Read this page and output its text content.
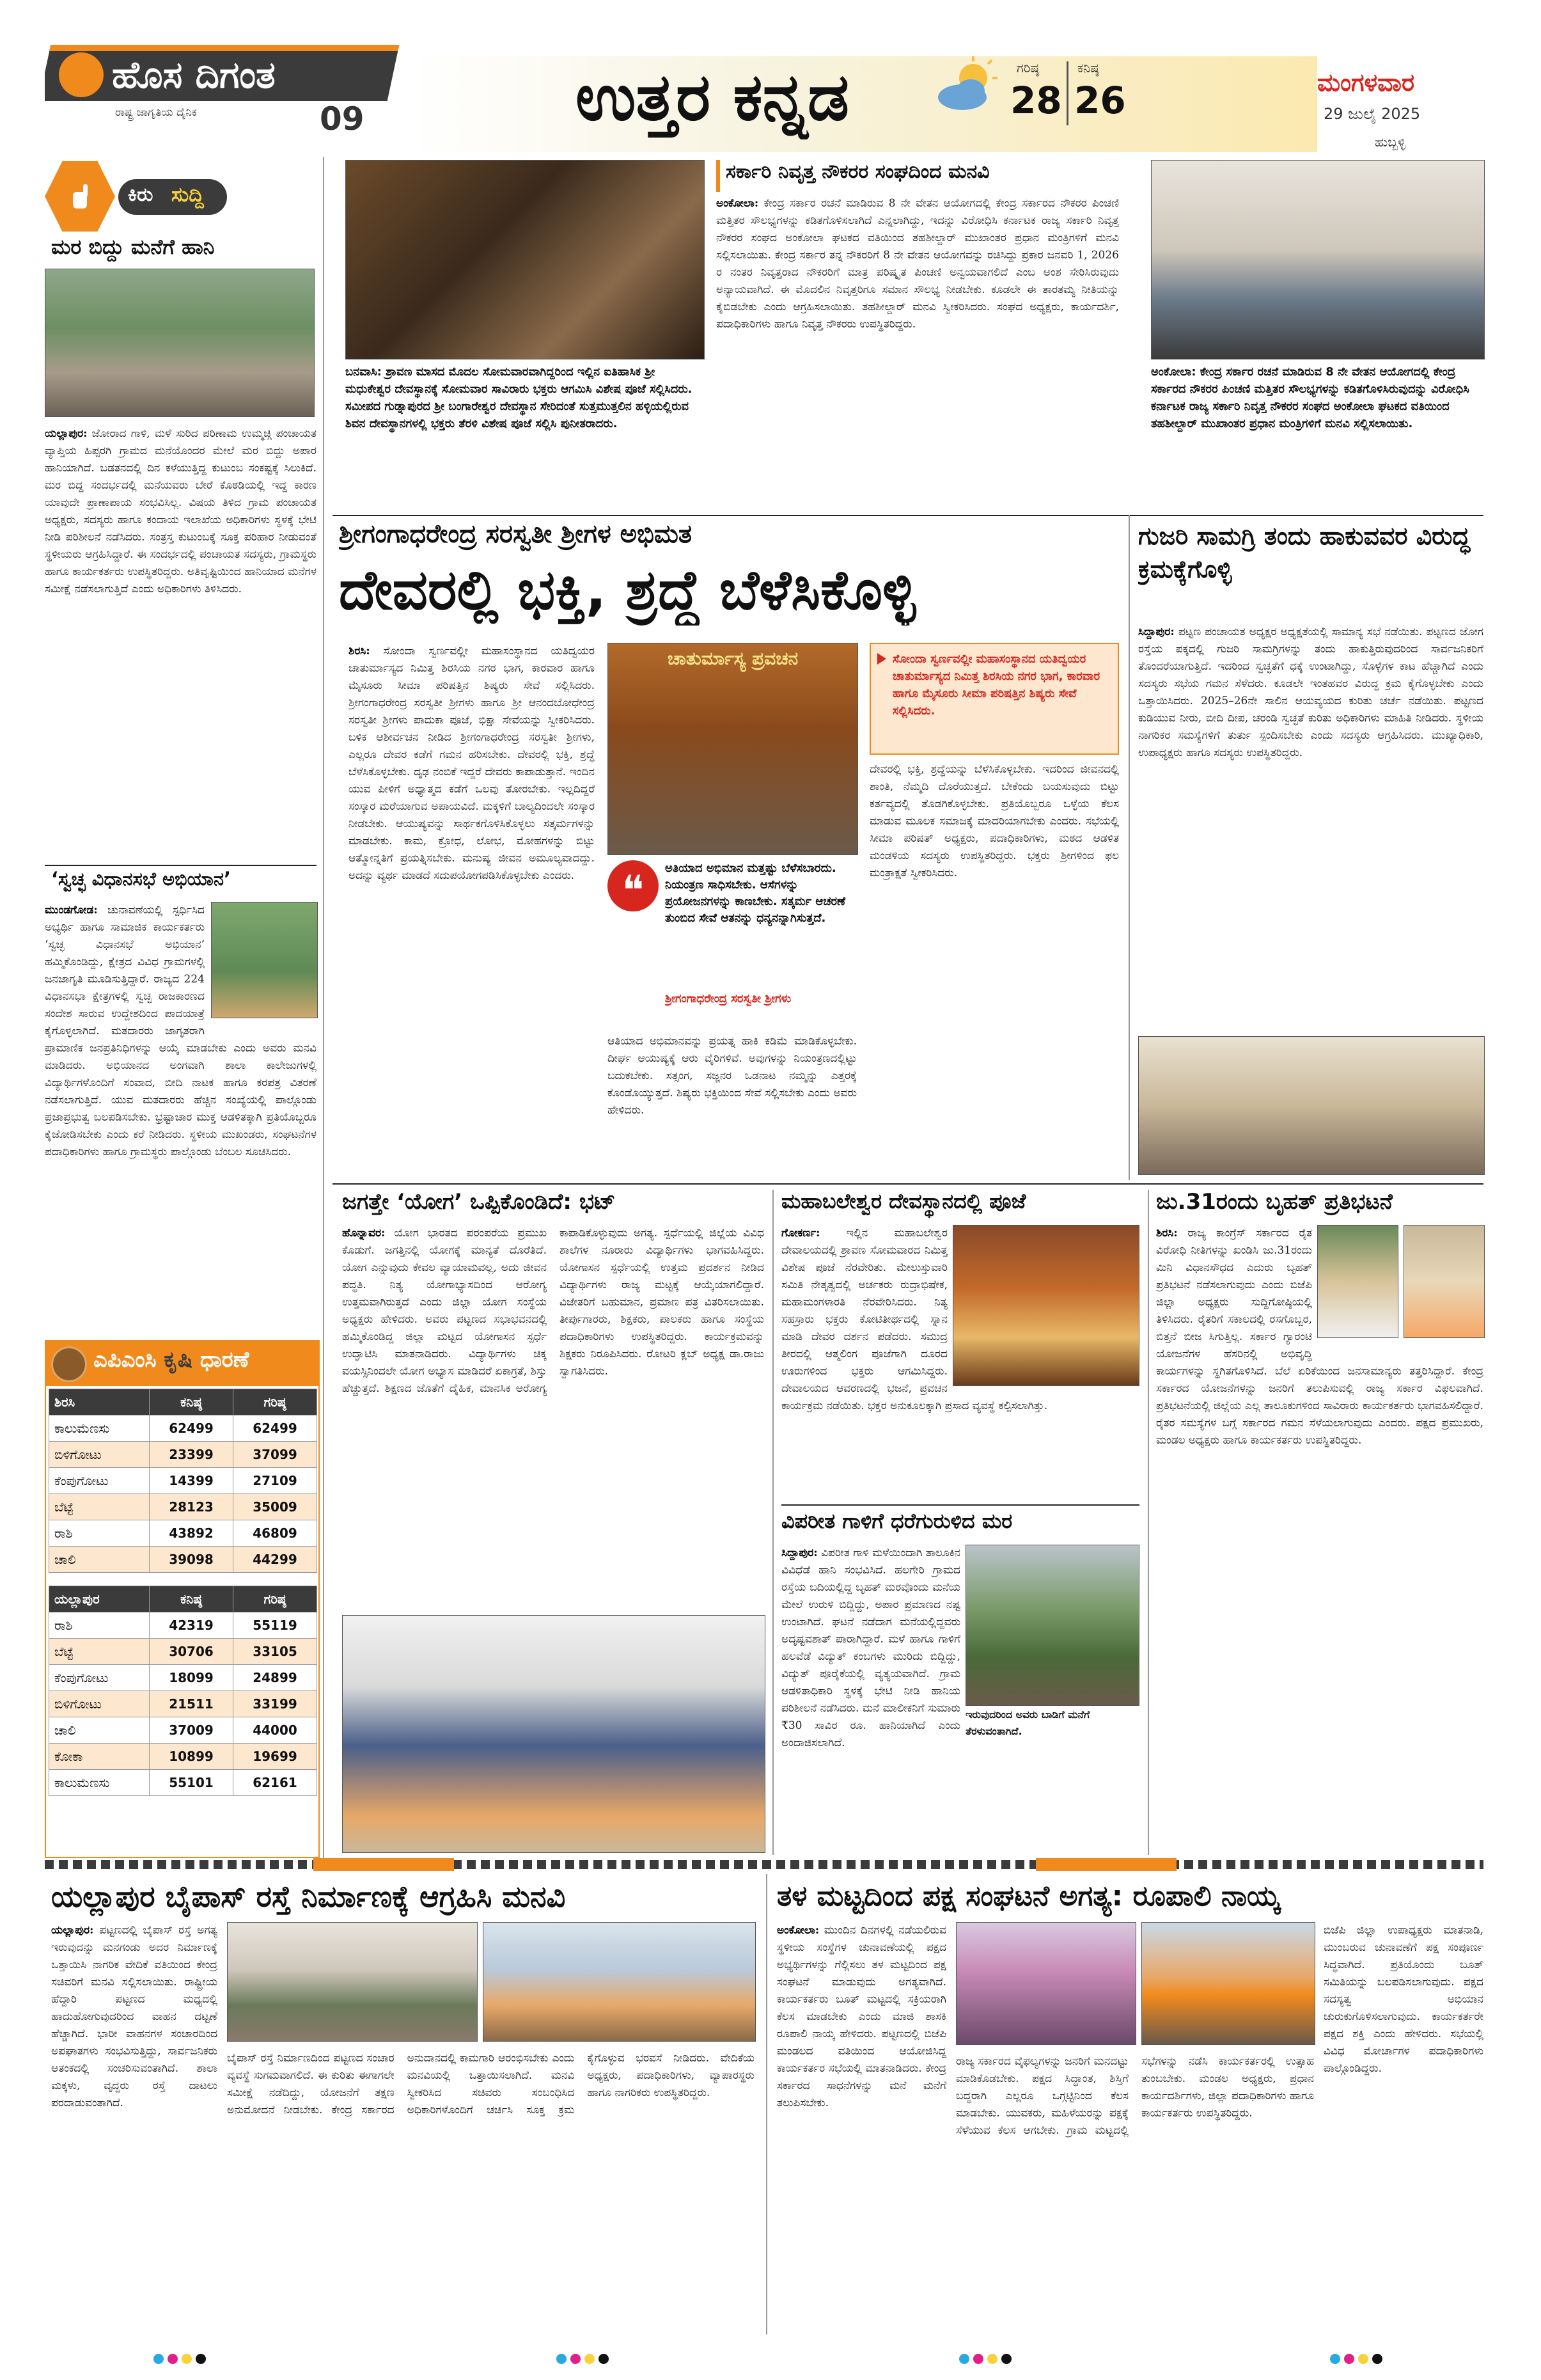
ಹೊಸ ದಿಗಂತ
ರಾಷ್ಟ್ರ ಜಾಗೃತಿಯ ದೈನಿಕ	09	ಉತ್ತರ ಕನ್ನಡ	ಗರಿಷ್ಠ
28
ಕನಿಷ್ಠ
26	ಮಂಗಳವಾರ
29 ಜುಲೈ 2025
ಹುಬ್ಬಳ್ಳಿ
ಕಿರು ಸುದ್ದಿ
ಮರ ಬಿದ್ದು ಮನೆಗೆ ಹಾನಿ
ಯಲ್ಲಾಪುರ: ಜೋರಾದ ಗಾಳಿ, ಮಳೆ ಸುರಿದ ಪರಿಣಾಮ ಉಮ್ಮಚ್ಗಿ ಪಂಚಾಯತ ವ್ಯಾಪ್ತಿಯ ಹಿಪ್ಪರಗಿ ಗ್ರಾಮದ ಮನೆಯೊಂದರ ಮೇಲೆ ಮರ ಬಿದ್ದು ಅಪಾರ ಹಾನಿಯಾಗಿದೆ. ಬಡತನದಲ್ಲಿ ದಿನ ಕಳೆಯುತ್ತಿದ್ದ ಕುಟುಂಬ ಸಂಕಷ್ಟಕ್ಕೆ ಸಿಲುಕಿದೆ. ಮರ ಬಿದ್ದ ಸಂದರ್ಭದಲ್ಲಿ ಮನೆಯವರು ಬೇರೆ ಕೊಠಡಿಯಲ್ಲಿ ಇದ್ದ ಕಾರಣ ಯಾವುದೇ ಪ್ರಾಣಾಪಾಯ ಸಂಭವಿಸಿಲ್ಲ. ವಿಷಯ ತಿಳಿದ ಗ್ರಾಮ ಪಂಚಾಯತ ಅಧ್ಯಕ್ಷರು, ಸದಸ್ಯರು ಹಾಗೂ ಕಂದಾಯ ಇಲಾಖೆಯ ಅಧಿಕಾರಿಗಳು ಸ್ಥಳಕ್ಕೆ ಭೇಟಿ ನೀಡಿ ಪರಿಶೀಲನೆ ನಡೆಸಿದರು. ಸಂತ್ರಸ್ತ ಕುಟುಂಬಕ್ಕೆ ಸೂಕ್ತ ಪರಿಹಾರ ನೀಡುವಂತೆ ಸ್ಥಳೀಯರು ಆಗ್ರಹಿಸಿದ್ದಾರೆ. ಈ ಸಂದರ್ಭದಲ್ಲಿ ಪಂಚಾಯತ ಸದಸ್ಯರು, ಗ್ರಾಮಸ್ಥರು ಹಾಗೂ ಕಾರ್ಯಕರ್ತರು ಉಪಸ್ಥಿತರಿದ್ದರು. ಅತಿವೃಷ್ಟಿಯಿಂದ ಹಾನಿಯಾದ ಮನೆಗಳ ಸಮೀಕ್ಷೆ ನಡೆಸಲಾಗುತ್ತಿದೆ ಎಂದು ಅಧಿಕಾರಿಗಳು ತಿಳಿಸಿದರು.
‘ಸ್ವಚ್ಛ ವಿಧಾನಸಭೆ ಅಭಿಯಾನ’
ಮುಂಡಗೋಡ: ಚುನಾವಣೆಯಲ್ಲಿ ಸ್ಪರ್ಧಿಸಿದ ಅಭ್ಯರ್ಥಿ ಹಾಗೂ ಸಾಮಾಜಿಕ ಕಾರ್ಯಕರ್ತರು ‘ಸ್ವಚ್ಛ ವಿಧಾನಸಭೆ ಅಭಿಯಾನ’ ಹಮ್ಮಿಕೊಂಡಿದ್ದು, ಕ್ಷೇತ್ರದ ವಿವಿಧ ಗ್ರಾಮಗಳಲ್ಲಿ ಜನಜಾಗೃತಿ ಮೂಡಿಸುತ್ತಿದ್ದಾರೆ. ರಾಜ್ಯದ 224 ವಿಧಾನಸಭಾ ಕ್ಷೇತ್ರಗಳಲ್ಲಿ ಸ್ವಚ್ಛ ರಾಜಕಾರಣದ ಸಂದೇಶ ಸಾರುವ ಉದ್ದೇಶದಿಂದ ಪಾದಯಾತ್ರೆ ಕೈಗೊಳ್ಳಲಾಗಿದೆ. ಮತದಾರರು ಜಾಗೃತರಾಗಿ ಪ್ರಾಮಾಣಿಕ ಜನಪ್ರತಿನಿಧಿಗಳನ್ನು ಆಯ್ಕೆ ಮಾಡಬೇಕು ಎಂದು ಅವರು ಮನವಿ ಮಾಡಿದರು. ಅಭಿಯಾನದ ಅಂಗವಾಗಿ ಶಾಲಾ ಕಾಲೇಜುಗಳಲ್ಲಿ ವಿದ್ಯಾರ್ಥಿಗಳೊಂದಿಗೆ ಸಂವಾದ, ಬೀದಿ ನಾಟಕ ಹಾಗೂ ಕರಪತ್ರ ವಿತರಣೆ ನಡೆಸಲಾಗುತ್ತಿದೆ. ಯುವ ಮತದಾರರು ಹೆಚ್ಚಿನ ಸಂಖ್ಯೆಯಲ್ಲಿ ಪಾಲ್ಗೊಂಡು ಪ್ರಜಾಪ್ರಭುತ್ವ ಬಲಪಡಿಸಬೇಕು. ಭ್ರಷ್ಟಾಚಾರ ಮುಕ್ತ ಆಡಳಿತಕ್ಕಾಗಿ ಪ್ರತಿಯೊಬ್ಬರೂ ಕೈಜೋಡಿಸಬೇಕು ಎಂದು ಕರೆ ನೀಡಿದರು. ಸ್ಥಳೀಯ ಮುಖಂಡರು, ಸಂಘಟನೆಗಳ ಪದಾಧಿಕಾರಿಗಳು ಹಾಗೂ ಗ್ರಾಮಸ್ಥರು ಪಾಲ್ಗೊಂಡು ಬೆಂಬಲ ಸೂಚಿಸಿದರು.
ಎಪಿಎಂಸಿ ಕೃಷಿ ಧಾರಣೆ
ಶಿರಸಿ	ಕನಿಷ್ಠ	ಗರಿಷ್ಠ
ಕಾಲುಮೆಣಸು	62499	62499
ಬಿಳಿಗೋಟು	23399	37099
ಕೆಂಪುಗೋಟು	14399	27109
ಬೆಟ್ಟೆ	28123	35009
ರಾಶಿ	43892	46809
ಚಾಲಿ	39098	44299
ಯಲ್ಲಾಪುರ	ಕನಿಷ್ಠ	ಗರಿಷ್ಠ
ರಾಶಿ	42319	55119
ಬೆಟ್ಟೆ	30706	33105
ಕೆಂಪುಗೋಟು	18099	24899
ಬಿಳಿಗೋಟು	21511	33199
ಚಾಲಿ	37009	44000
ಕೋಕಾ	10899	19699
ಕಾಲುಮೆಣಸು	55101	62161
ಬನವಾಸಿ: ಶ್ರಾವಣ ಮಾಸದ ಮೊದಲ ಸೋಮವಾರವಾಗಿದ್ದರಿಂದ ಇಲ್ಲಿನ ಐತಿಹಾಸಿಕ ಶ್ರೀ ಮಧುಕೇಶ್ವರ ದೇವಸ್ಥಾನಕ್ಕೆ ಸೋಮವಾರ ಸಾವಿರಾರು ಭಕ್ತರು ಆಗಮಿಸಿ ವಿಶೇಷ ಪೂಜೆ ಸಲ್ಲಿಸಿದರು. ಸಮೀಪದ ಗುಡ್ನಾಪುರದ ಶ್ರೀ ಬಂಗಾರೇಶ್ವರ ದೇವಸ್ಥಾನ ಸೇರಿದಂತೆ ಸುತ್ತಮುತ್ತಲಿನ ಹಳ್ಳಿಯಲ್ಲಿರುವ ಶಿವನ ದೇವಸ್ಥಾನಗಳಲ್ಲಿ ಭಕ್ತರು ತೆರಳಿ ವಿಶೇಷ ಪೂಜೆ ಸಲ್ಲಿಸಿ ಪುನೀತರಾದರು.
ಸರ್ಕಾರಿ ನಿವೃತ್ತ ನೌಕರರ ಸಂಘದಿಂದ ಮನವಿ
ಅಂಕೋಲಾ: ಕೇಂದ್ರ ಸರ್ಕಾರ ರಚನೆ ಮಾಡಿರುವ 8 ನೇ ವೇತನ ಆಯೋಗದಲ್ಲಿ ಕೇಂದ್ರ ಸರ್ಕಾರದ ನೌಕರರ ಪಿಂಚಣಿ ಮತ್ತಿತರ ಸೌಲಭ್ಯಗಳನ್ನು ಕಡಿತಗೊಳಿಸಲಾಗಿದೆ ಎನ್ನಲಾಗಿದ್ದು, ಇದನ್ನು ವಿರೋಧಿಸಿ ಕರ್ನಾಟಕ ರಾಜ್ಯ ಸರ್ಕಾರಿ ನಿವೃತ್ತ ನೌಕರರ ಸಂಘದ ಅಂಕೋಲಾ ಘಟಕದ ವತಿಯಿಂದ ತಹಶೀಲ್ದಾರ್ ಮುಖಾಂತರ ಪ್ರಧಾನ ಮಂತ್ರಿಗಳಿಗೆ ಮನವಿ ಸಲ್ಲಿಸಲಾಯಿತು. ಕೇಂದ್ರ ಸರ್ಕಾರ ತನ್ನ ನೌಕರರಿಗೆ 8 ನೇ ವೇತನ ಆಯೋಗವನ್ನು ರಚಿಸಿದ್ದು ಪ್ರಕಾರ ಜನವರಿ 1, 2026 ರ ನಂತರ ನಿವೃತ್ತರಾದ ನೌಕರರಿಗೆ ಮಾತ್ರ ಪರಿಷ್ಕೃತ ಪಿಂಚಣಿ ಅನ್ವಯವಾಗಲಿದೆ ಎಂಬ ಅಂಶ ಸೇರಿಸಿರುವುದು ಅನ್ಯಾಯವಾಗಿದೆ. ಈ ಮೊದಲಿನ ನಿವೃತ್ತರಿಗೂ ಸಮಾನ ಸೌಲಭ್ಯ ನೀಡಬೇಕು. ಕೂಡಲೇ ಈ ತಾರತಮ್ಯ ನೀತಿಯನ್ನು ಕೈಬಿಡಬೇಕು ಎಂದು ಆಗ್ರಹಿಸಲಾಯಿತು. ತಹಶೀಲ್ದಾರ್ ಮನವಿ ಸ್ವೀಕರಿಸಿದರು. ಸಂಘದ ಅಧ್ಯಕ್ಷರು, ಕಾರ್ಯದರ್ಶಿ, ಪದಾಧಿಕಾರಿಗಳು ಹಾಗೂ ನಿವೃತ್ತ ನೌಕರರು ಉಪಸ್ಥಿತರಿದ್ದರು.
ಅಂಕೋಲಾ: ಕೇಂದ್ರ ಸರ್ಕಾರ ರಚನೆ ಮಾಡಿರುವ 8 ನೇ ವೇತನ ಆಯೋಗದಲ್ಲಿ ಕೇಂದ್ರ ಸರ್ಕಾರದ ನೌಕರರ ಪಿಂಚಣಿ ಮತ್ತಿತರ ಸೌಲಭ್ಯಗಳನ್ನು ಕಡಿತಗೊಳಿಸಿರುವುದನ್ನು ವಿರೋಧಿಸಿ ಕರ್ನಾಟಕ ರಾಜ್ಯ ಸರ್ಕಾರಿ ನಿವೃತ್ತ ನೌಕರರ ಸಂಘದ ಅಂಕೋಲಾ ಘಟಕದ ವತಿಯಿಂದ ತಹಶೀಲ್ದಾರ್ ಮುಖಾಂತರ ಪ್ರಧಾನ ಮಂತ್ರಿಗಳಿಗೆ ಮನವಿ ಸಲ್ಲಿಸಲಾಯಿತು.
ಶ್ರೀಗಂಗಾಧರೇಂದ್ರ ಸರಸ್ವತೀ ಶ್ರೀಗಳ ಅಭಿಮತ
ದೇವರಲ್ಲಿ ಭಕ್ತಿ, ಶ್ರದ್ಧೆ ಬೆಳೆಸಿಕೊಳ್ಳಿ
ಶಿರಸಿ: ಸೋಂದಾ ಸ್ವರ್ಣವಲ್ಲೀ ಮಹಾಸಂಸ್ಥಾನದ ಯತಿದ್ವಯರ ಚಾತುರ್ಮಾಸ್ಯದ ನಿಮಿತ್ತ ಶಿರಸಿಯ ನಗರ ಭಾಗ, ಕಾರವಾರ ಹಾಗೂ ಮೈಸೂರು ಸೀಮಾ ಪರಿಷತ್ತಿನ ಶಿಷ್ಯರು ಸೇವೆ ಸಲ್ಲಿಸಿದರು. ಶ್ರೀಗಂಗಾಧರೇಂದ್ರ ಸರಸ್ವತೀ ಶ್ರೀಗಳು ಹಾಗೂ ಶ್ರೀ ಆನಂದಬೋಧೇಂದ್ರ ಸರಸ್ವತೀ ಶ್ರೀಗಳು ಪಾದುಕಾ ಪೂಜೆ, ಭಿಕ್ಷಾ ಸೇವೆಯನ್ನು ಸ್ವೀಕರಿಸಿದರು. ಬಳಿಕ ಆಶೀರ್ವಚನ ನೀಡಿದ ಶ್ರೀಗಂಗಾಧರೇಂದ್ರ ಸರಸ್ವತೀ ಶ್ರೀಗಳು, ಎಲ್ಲರೂ ದೇವರ ಕಡೆಗೆ ಗಮನ ಹರಿಸಬೇಕು. ದೇವರಲ್ಲಿ ಭಕ್ತಿ, ಶ್ರದ್ಧೆ ಬೆಳೆಸಿಕೊಳ್ಳಬೇಕು. ದೃಢ ನಂಬಿಕೆ ಇದ್ದರೆ ದೇವರು ಕಾಪಾಡುತ್ತಾನೆ. ಇಂದಿನ ಯುವ ಪೀಳಿಗೆ ಅಧ್ಯಾತ್ಮದ ಕಡೆಗೆ ಒಲವು ತೋರಬೇಕು. ಇಲ್ಲದಿದ್ದರೆ ಸಂಸ್ಕಾರ ಮರೆಯಾಗುವ ಅಪಾಯವಿದೆ. ಮಕ್ಕಳಿಗೆ ಬಾಲ್ಯದಿಂದಲೇ ಸಂಸ್ಕಾರ ನೀಡಬೇಕು. ಆಯುಷ್ಯವನ್ನು ಸಾರ್ಥಕಗೊಳಿಸಿಕೊಳ್ಳಲು ಸತ್ಕರ್ಮಗಳನ್ನು ಮಾಡಬೇಕು. ಕಾಮ, ಕ್ರೋಧ, ಲೋಭ, ಮೋಹಗಳನ್ನು ಬಿಟ್ಟು ಆತ್ಮೋನ್ನತಿಗೆ ಪ್ರಯತ್ನಿಸಬೇಕು. ಮನುಷ್ಯ ಜೀವನ ಅಮೂಲ್ಯವಾದದ್ದು. ಅದನ್ನು ವ್ಯರ್ಥ ಮಾಡದೆ ಸದುಪಯೋಗಪಡಿಸಿಕೊಳ್ಳಬೇಕು ಎಂದರು.
ಚಾತುರ್ಮಾಸ್ಯ ಪ್ರವಚನ	ಸೋಂದಾ ಸ್ವರ್ಣವಲ್ಲೀ ಮಹಾಸಂಸ್ಥಾನದ ಯತಿದ್ವಯರ ಚಾತುರ್ಮಾಸ್ಯದ ನಿಮಿತ್ತ ಶಿರಸಿಯ ನಗರ ಭಾಗ, ಕಾರವಾರ ಹಾಗೂ ಮೈಸೂರು ಸೀಮಾ ಪರಿಷತ್ತಿನ ಶಿಷ್ಯರು ಸೇವೆ ಸಲ್ಲಿಸಿದರು.
❝	ಅತಿಯಾದ ಅಭಿಮಾನ ಮತ್ತಷ್ಟು ಬೆಳೆಸಬಾರದು. ನಿಯಂತ್ರಣ ಸಾಧಿಸಬೇಕು. ಆಸೆಗಳನ್ನು ಪ್ರಯೋಜನಗಳನ್ನು ಕಾಣಬೇಕು. ಸತ್ಕರ್ಮ ಆಚರಣೆ ತುಂಬಿದ ಸೇವೆ ಆತನನ್ನು ಧನ್ಯನನ್ನಾಗಿಸುತ್ತದೆ.
ಶ್ರೀಗಂಗಾಧರೇಂದ್ರ ಸರಸ್ವತೀ ಶ್ರೀಗಳು
ಆತಿಯಾದ ಅಭಿಮಾನವನ್ನು ಪ್ರಯತ್ನ ಹಾಕಿ ಕಡಿಮೆ ಮಾಡಿಕೊಳ್ಳಬೇಕು. ದೀರ್ಘ ಆಯುಷ್ಯಕ್ಕೆ ಆರು ವೈರಿಗಳಿವೆ. ಅವುಗಳನ್ನು ನಿಯಂತ್ರಣದಲ್ಲಿಟ್ಟು ಬದುಕಬೇಕು. ಸತ್ಸಂಗ, ಸಜ್ಜನರ ಒಡನಾಟ ನಮ್ಮನ್ನು ಎತ್ತರಕ್ಕೆ ಕೊಂಡೊಯ್ಯುತ್ತದೆ. ಶಿಷ್ಯರು ಭಕ್ತಿಯಿಂದ ಸೇವೆ ಸಲ್ಲಿಸಬೇಕು ಎಂದು ಅವರು ಹೇಳಿದರು.
ದೇವರಲ್ಲಿ ಭಕ್ತಿ, ಶ್ರದ್ಧೆಯನ್ನು ಬೆಳೆಸಿಕೊಳ್ಳಬೇಕು. ಇದರಿಂದ ಜೀವನದಲ್ಲಿ ಶಾಂತಿ, ನೆಮ್ಮದಿ ದೊರೆಯುತ್ತದೆ. ಬೇಕೆಂದು ಬಯಸುವುದು ಬಿಟ್ಟು ಕರ್ತವ್ಯದಲ್ಲಿ ತೊಡಗಿಕೊಳ್ಳಬೇಕು. ಪ್ರತಿಯೊಬ್ಬರೂ ಒಳ್ಳೆಯ ಕೆಲಸ ಮಾಡುವ ಮೂಲಕ ಸಮಾಜಕ್ಕೆ ಮಾದರಿಯಾಗಬೇಕು ಎಂದರು. ಸಭೆಯಲ್ಲಿ ಸೀಮಾ ಪರಿಷತ್ ಅಧ್ಯಕ್ಷರು, ಪದಾಧಿಕಾರಿಗಳು, ಮಠದ ಆಡಳಿತ ಮಂಡಳಿಯ ಸದಸ್ಯರು ಉಪಸ್ಥಿತರಿದ್ದರು. ಭಕ್ತರು ಶ್ರೀಗಳಿಂದ ಫಲ ಮಂತ್ರಾಕ್ಷತೆ ಸ್ವೀಕರಿಸಿದರು.
ಗುಜರಿ ಸಾಮಗ್ರಿ ತಂದು ಹಾಕುವವರ ವಿರುದ್ಧ ಕ್ರಮಕ್ಕೆಗೊಳ್ಳಿ
ಸಿದ್ದಾಪುರ: ಪಟ್ಟಣ ಪಂಚಾಯತ ಅಧ್ಯಕ್ಷರ ಅಧ್ಯಕ್ಷತೆಯಲ್ಲಿ ಸಾಮಾನ್ಯ ಸಭೆ ನಡೆಯಿತು. ಪಟ್ಟಣದ ಜೋಗ ರಸ್ತೆಯ ಪಕ್ಕದಲ್ಲಿ ಗುಜರಿ ಸಾಮಗ್ರಿಗಳನ್ನು ತಂದು ಹಾಕುತ್ತಿರುವುದರಿಂದ ಸಾರ್ವಜನಿಕರಿಗೆ ತೊಂದರೆಯಾಗುತ್ತಿದೆ. ಇದರಿಂದ ಸ್ವಚ್ಛತೆಗೆ ಧಕ್ಕೆ ಉಂಟಾಗಿದ್ದು, ಸೊಳ್ಳೆಗಳ ಕಾಟ ಹೆಚ್ಚಾಗಿದೆ ಎಂದು ಸದಸ್ಯರು ಸಭೆಯ ಗಮನ ಸೆಳೆದರು. ಕೂಡಲೇ ಇಂತಹವರ ವಿರುದ್ಧ ಕ್ರಮ ಕೈಗೊಳ್ಳಬೇಕು ಎಂದು ಒತ್ತಾಯಿಸಿದರು. 2025–26ನೇ ಸಾಲಿನ ಆಯವ್ಯಯದ ಕುರಿತು ಚರ್ಚೆ ನಡೆಯಿತು. ಪಟ್ಟಣದ ಕುಡಿಯುವ ನೀರು, ಬೀದಿ ದೀಪ, ಚರಂಡಿ ಸ್ವಚ್ಛತೆ ಕುರಿತು ಅಧಿಕಾರಿಗಳು ಮಾಹಿತಿ ನೀಡಿದರು. ಸ್ಥಳೀಯ ನಾಗರಿಕರ ಸಮಸ್ಯೆಗಳಿಗೆ ತುರ್ತು ಸ್ಪಂದಿಸಬೇಕು ಎಂದು ಸದಸ್ಯರು ಆಗ್ರಹಿಸಿದರು. ಮುಖ್ಯಾಧಿಕಾರಿ, ಉಪಾಧ್ಯಕ್ಷರು ಹಾಗೂ ಸದಸ್ಯರು ಉಪಸ್ಥಿತರಿದ್ದರು.
ಜಗತ್ತೇ ‘ಯೋಗ’ ಒಪ್ಪಿಕೊಂಡಿದೆ: ಭಟ್
ಹೊನ್ನಾವರ: ಯೋಗ ಭಾರತದ ಪರಂಪರೆಯ ಪ್ರಮುಖ ಕೊಡುಗೆ. ಜಗತ್ತಿನಲ್ಲಿ ಯೋಗಕ್ಕೆ ಮಾನ್ಯತೆ ದೊರೆತಿದೆ. ಯೋಗ ಎನ್ನುವುದು ಕೇವಲ ವ್ಯಾಯಾಮವಲ್ಲ, ಅದು ಜೀವನ ಪದ್ಧತಿ. ನಿತ್ಯ ಯೋಗಾಭ್ಯಾಸದಿಂದ ಆರೋಗ್ಯ ಉತ್ತಮವಾಗಿರುತ್ತದೆ ಎಂದು ಜಿಲ್ಲಾ ಯೋಗ ಸಂಸ್ಥೆಯ ಅಧ್ಯಕ್ಷರು ಹೇಳಿದರು. ಅವರು ಪಟ್ಟಣದ ಸಭಾಭವನದಲ್ಲಿ ಹಮ್ಮಿಕೊಂಡಿದ್ದ ಜಿಲ್ಲಾ ಮಟ್ಟದ ಯೋಗಾಸನ ಸ್ಪರ್ಧೆ ಉದ್ಘಾಟಿಸಿ ಮಾತನಾಡಿದರು. ವಿದ್ಯಾರ್ಥಿಗಳು ಚಿಕ್ಕ ವಯಸ್ಸಿನಿಂದಲೇ ಯೋಗ ಅಭ್ಯಾಸ ಮಾಡಿದರೆ ಏಕಾಗ್ರತೆ, ಶಿಸ್ತು ಹೆಚ್ಚುತ್ತದೆ. ಶಿಕ್ಷಣದ ಜೊತೆಗೆ ದೈಹಿಕ, ಮಾನಸಿಕ ಆರೋಗ್ಯ ಕಾಪಾಡಿಕೊಳ್ಳುವುದು ಅಗತ್ಯ. ಸ್ಪರ್ಧೆಯಲ್ಲಿ ಜಿಲ್ಲೆಯ ವಿವಿಧ ಶಾಲೆಗಳ ನೂರಾರು ವಿದ್ಯಾರ್ಥಿಗಳು ಭಾಗವಹಿಸಿದ್ದರು. ಯೋಗಾಸನ ಸ್ಪರ್ಧೆಯಲ್ಲಿ ಉತ್ತಮ ಪ್ರದರ್ಶನ ನೀಡಿದ ವಿದ್ಯಾರ್ಥಿಗಳು ರಾಜ್ಯ ಮಟ್ಟಕ್ಕೆ ಆಯ್ಕೆಯಾಗಲಿದ್ದಾರೆ. ವಿಜೇತರಿಗೆ ಬಹುಮಾನ, ಪ್ರಮಾಣ ಪತ್ರ ವಿತರಿಸಲಾಯಿತು. ತೀರ್ಪುಗಾರರು, ಶಿಕ್ಷಕರು, ಪಾಲಕರು ಹಾಗೂ ಸಂಸ್ಥೆಯ ಪದಾಧಿಕಾರಿಗಳು ಉಪಸ್ಥಿತರಿದ್ದರು. ಕಾರ್ಯಕ್ರಮವನ್ನು ಶಿಕ್ಷಕರು ನಿರೂಪಿಸಿದರು. ರೋಟರಿ ಕ್ಲಬ್ ಅಧ್ಯಕ್ಷ ಡಾ.ರಾಜು ಸ್ವಾಗತಿಸಿದರು.
ಮಹಾಬಲೇಶ್ವರ ದೇವಸ್ಥಾನದಲ್ಲಿ ಪೂಜೆ
ಗೋಕರ್ಣ: ಇಲ್ಲಿನ ಮಹಾಬಲೇಶ್ವರ ದೇವಾಲಯದಲ್ಲಿ ಶ್ರಾವಣ ಸೋಮವಾರದ ನಿಮಿತ್ತ ವಿಶೇಷ ಪೂಜೆ ನೆರವೇರಿತು. ಮೇಲುಸ್ತುವಾರಿ ಸಮಿತಿ ನೇತೃತ್ವದಲ್ಲಿ ಅರ್ಚಕರು ರುದ್ರಾಭಿಷೇಕ, ಮಹಾಮಂಗಳಾರತಿ ನೆರವೇರಿಸಿದರು. ನಿತ್ಯ ಸಹಸ್ರಾರು ಭಕ್ತರು ಕೋಟಿತೀರ್ಥದಲ್ಲಿ ಸ್ನಾನ ಮಾಡಿ ದೇವರ ದರ್ಶನ ಪಡೆದರು. ಸಮುದ್ರ ತೀರದಲ್ಲಿ ಆತ್ಮಲಿಂಗ ಪೂಜೆಗಾಗಿ ದೂರದ ಊರುಗಳಿಂದ ಭಕ್ತರು ಆಗಮಿಸಿದ್ದರು. ದೇವಾಲಯದ ಆವರಣದಲ್ಲಿ ಭಜನೆ, ಪ್ರವಚನ ಕಾರ್ಯಕ್ರಮ ನಡೆಯಿತು. ಭಕ್ತರ ಅನುಕೂಲಕ್ಕಾಗಿ ಪ್ರಸಾದ ವ್ಯವಸ್ಥೆ ಕಲ್ಪಿಸಲಾಗಿತ್ತು.
ವಿಪರೀತ ಗಾಳಿಗೆ ಧರೆಗುರುಳಿದ ಮರ
ಸಿದ್ದಾಪುರ: ವಿಪರೀತ ಗಾಳಿ ಮಳೆಯಿಂದಾಗಿ ತಾಲೂಕಿನ ವಿವಿಧೆಡೆ ಹಾನಿ ಸಂಭವಿಸಿದೆ. ಹಲಗೇರಿ ಗ್ರಾಮದ ರಸ್ತೆಯ ಬದಿಯಲ್ಲಿದ್ದ ಬೃಹತ್ ಮರವೊಂದು ಮನೆಯ ಮೇಲೆ ಉರುಳಿ ಬಿದ್ದಿದ್ದು, ಅಪಾರ ಪ್ರಮಾಣದ ನಷ್ಟ ಉಂಟಾಗಿದೆ. ಘಟನೆ ನಡೆದಾಗ ಮನೆಯಲ್ಲಿದ್ದವರು ಅದೃಷ್ಟವಶಾತ್ ಪಾರಾಗಿದ್ದಾರೆ. ಮಳೆ ಹಾಗೂ ಗಾಳಿಗೆ ಹಲವೆಡೆ ವಿದ್ಯುತ್ ಕಂಬಗಳು ಮುರಿದು ಬಿದ್ದಿದ್ದು, ವಿದ್ಯುತ್ ಪೂರೈಕೆಯಲ್ಲಿ ವ್ಯತ್ಯಯವಾಗಿದೆ. ಗ್ರಾಮ ಆಡಳಿತಾಧಿಕಾರಿ ಸ್ಥಳಕ್ಕೆ ಭೇಟಿ ನೀಡಿ ಹಾನಿಯ ಪರಿಶೀಲನೆ ನಡೆಸಿದರು. ಮನೆ ಮಾಲೀಕನಿಗೆ ಸುಮಾರು ₹30 ಸಾವಿರ ರೂ. ಹಾನಿಯಾಗಿದೆ ಎಂದು ಅಂದಾಜಿಸಲಾಗಿದೆ.
ಇರುವುದರಿಂದ ಅವರು ಬಾಡಿಗೆ ಮನೆಗೆ ತೆರಳುವಂತಾಗಿದೆ.
ಜು.31ರಂದು ಬೃಹತ್ ಪ್ರತಿಭಟನೆ
ಶಿರಸಿ: ರಾಜ್ಯ ಕಾಂಗ್ರೆಸ್ ಸರ್ಕಾರದ ರೈತ ವಿರೋಧಿ ನೀತಿಗಳನ್ನು ಖಂಡಿಸಿ ಜು.31ರಂದು ಮಿನಿ ವಿಧಾನಸೌಧದ ಎದುರು ಬೃಹತ್ ಪ್ರತಿಭಟನೆ ನಡೆಸಲಾಗುವುದು ಎಂದು ಬಿಜೆಪಿ ಜಿಲ್ಲಾ ಅಧ್ಯಕ್ಷರು ಸುದ್ದಿಗೋಷ್ಠಿಯಲ್ಲಿ ತಿಳಿಸಿದರು. ರೈತರಿಗೆ ಸಕಾಲದಲ್ಲಿ ರಸಗೊಬ್ಬರ, ಬಿತ್ತನೆ ಬೀಜ ಸಿಗುತ್ತಿಲ್ಲ. ಸರ್ಕಾರ ಗ್ಯಾರಂಟಿ ಯೋಜನೆಗಳ ಹೆಸರಿನಲ್ಲಿ ಅಭಿವೃದ್ಧಿ ಕಾರ್ಯಗಳನ್ನು ಸ್ಥಗಿತಗೊಳಿಸಿದೆ. ಬೆಲೆ ಏರಿಕೆಯಿಂದ ಜನಸಾಮಾನ್ಯರು ತತ್ತರಿಸಿದ್ದಾರೆ. ಕೇಂದ್ರ ಸರ್ಕಾರದ ಯೋಜನೆಗಳನ್ನು ಜನರಿಗೆ ತಲುಪಿಸುವಲ್ಲಿ ರಾಜ್ಯ ಸರ್ಕಾರ ವಿಫಲವಾಗಿದೆ. ಪ್ರತಿಭಟನೆಯಲ್ಲಿ ಜಿಲ್ಲೆಯ ಎಲ್ಲ ತಾಲೂಕುಗಳಿಂದ ಸಾವಿರಾರು ಕಾರ್ಯಕರ್ತರು ಭಾಗವಹಿಸಲಿದ್ದಾರೆ. ರೈತರ ಸಮಸ್ಯೆಗಳ ಬಗ್ಗೆ ಸರ್ಕಾರದ ಗಮನ ಸೆಳೆಯಲಾಗುವುದು ಎಂದರು. ಪಕ್ಷದ ಪ್ರಮುಖರು, ಮಂಡಲ ಅಧ್ಯಕ್ಷರು ಹಾಗೂ ಕಾರ್ಯಕರ್ತರು ಉಪಸ್ಥಿತರಿದ್ದರು.
ಯಲ್ಲಾಪುರ ಬೈಪಾಸ್ ರಸ್ತೆ ನಿರ್ಮಾಣಕ್ಕೆ ಆಗ್ರಹಿಸಿ ಮನವಿ
ಯಲ್ಲಾಪುರ: ಪಟ್ಟಣದಲ್ಲಿ ಬೈಪಾಸ್ ರಸ್ತೆ ಅಗತ್ಯ ಇರುವುದನ್ನು ಮನಗಂಡು ಅದರ ನಿರ್ಮಾಣಕ್ಕೆ ಒತ್ತಾಯಿಸಿ ನಾಗರಿಕ ವೇದಿಕೆ ವತಿಯಿಂದ ಕೇಂದ್ರ ಸಚಿವರಿಗೆ ಮನವಿ ಸಲ್ಲಿಸಲಾಯಿತು. ರಾಷ್ಟ್ರೀಯ ಹೆದ್ದಾರಿ ಪಟ್ಟಣದ ಮಧ್ಯದಲ್ಲಿ ಹಾದುಹೋಗುವುದರಿಂದ ವಾಹನ ದಟ್ಟಣೆ ಹೆಚ್ಚಾಗಿದೆ. ಭಾರೀ ವಾಹನಗಳ ಸಂಚಾರದಿಂದ ಅಪಘಾತಗಳು ಸಂಭವಿಸುತ್ತಿದ್ದು, ಸಾರ್ವಜನಿಕರು ಆತಂಕದಲ್ಲಿ ಸಂಚರಿಸುವಂತಾಗಿದೆ. ಶಾಲಾ ಮಕ್ಕಳು, ವೃದ್ಧರು ರಸ್ತೆ ದಾಟಲು ಪರದಾಡುವಂತಾಗಿದೆ.
ಬೈಪಾಸ್ ರಸ್ತೆ ನಿರ್ಮಾಣದಿಂದ ಪಟ್ಟಣದ ಸಂಚಾರ ವ್ಯವಸ್ಥೆ ಸುಗಮವಾಗಲಿದೆ. ಈ ಕುರಿತು ಈಗಾಗಲೇ ಸಮೀಕ್ಷೆ ನಡೆದಿದ್ದು, ಯೋಜನೆಗೆ ತಕ್ಷಣ ಅನುಮೋದನೆ ನೀಡಬೇಕು. ಕೇಂದ್ರ ಸರ್ಕಾರದ ಅನುದಾನದಲ್ಲಿ ಕಾಮಗಾರಿ ಆರಂಭಿಸಬೇಕು ಎಂದು ಮನವಿಯಲ್ಲಿ ಒತ್ತಾಯಿಸಲಾಗಿದೆ. ಮನವಿ ಸ್ವೀಕರಿಸಿದ ಸಚಿವರು ಸಂಬಂಧಿಸಿದ ಅಧಿಕಾರಿಗಳೊಂದಿಗೆ ಚರ್ಚಿಸಿ ಸೂಕ್ತ ಕ್ರಮ ಕೈಗೊಳ್ಳುವ ಭರವಸೆ ನೀಡಿದರು. ವೇದಿಕೆಯ ಅಧ್ಯಕ್ಷರು, ಪದಾಧಿಕಾರಿಗಳು, ವ್ಯಾಪಾರಸ್ಥರು ಹಾಗೂ ನಾಗರಿಕರು ಉಪಸ್ಥಿತರಿದ್ದರು.
ತಳ ಮಟ್ಟದಿಂದ ಪಕ್ಷ ಸಂಘಟನೆ ಅಗತ್ಯ: ರೂಪಾಲಿ ನಾಯ್ಕ
ಅಂಕೋಲಾ: ಮುಂದಿನ ದಿನಗಳಲ್ಲಿ ನಡೆಯಲಿರುವ ಸ್ಥಳೀಯ ಸಂಸ್ಥೆಗಳ ಚುನಾವಣೆಯಲ್ಲಿ ಪಕ್ಷದ ಅಭ್ಯರ್ಥಿಗಳನ್ನು ಗೆಲ್ಲಿಸಲು ತಳ ಮಟ್ಟದಿಂದ ಪಕ್ಷ ಸಂಘಟನೆ ಮಾಡುವುದು ಅಗತ್ಯವಾಗಿದೆ. ಕಾರ್ಯಕರ್ತರು ಬೂತ್ ಮಟ್ಟದಲ್ಲಿ ಸಕ್ರಿಯರಾಗಿ ಕೆಲಸ ಮಾಡಬೇಕು ಎಂದು ಮಾಜಿ ಶಾಸಕಿ ರೂಪಾಲಿ ನಾಯ್ಕ ಹೇಳಿದರು. ಪಟ್ಟಣದಲ್ಲಿ ಬಿಜೆಪಿ ಮಂಡಲದ ವತಿಯಿಂದ ಆಯೋಜಿಸಿದ್ದ ಕಾರ್ಯಕರ್ತರ ಸಭೆಯಲ್ಲಿ ಮಾತನಾಡಿದರು. ಕೇಂದ್ರ ಸರ್ಕಾರದ ಸಾಧನೆಗಳನ್ನು ಮನೆ ಮನೆಗೆ ತಲುಪಿಸಬೇಕು.
ರಾಜ್ಯ ಸರ್ಕಾರದ ವೈಫಲ್ಯಗಳನ್ನು ಜನರಿಗೆ ಮನದಟ್ಟು ಮಾಡಿಕೊಡಬೇಕು. ಪಕ್ಷದ ಸಿದ್ಧಾಂತ, ಶಿಸ್ತಿಗೆ ಬದ್ಧರಾಗಿ ಎಲ್ಲರೂ ಒಗ್ಗಟ್ಟಿನಿಂದ ಕೆಲಸ ಮಾಡಬೇಕು. ಯುವಕರು, ಮಹಿಳೆಯರನ್ನು ಪಕ್ಷಕ್ಕೆ ಸೆಳೆಯುವ ಕೆಲಸ ಆಗಬೇಕು. ಗ್ರಾಮ ಮಟ್ಟದಲ್ಲಿ ಸಭೆಗಳನ್ನು ನಡೆಸಿ ಕಾರ್ಯಕರ್ತರಲ್ಲಿ ಉತ್ಸಾಹ ತುಂಬಬೇಕು. ಮಂಡಲ ಅಧ್ಯಕ್ಷರು, ಪ್ರಧಾನ ಕಾರ್ಯದರ್ಶಿಗಳು, ಜಿಲ್ಲಾ ಪದಾಧಿಕಾರಿಗಳು ಹಾಗೂ ಕಾರ್ಯಕರ್ತರು ಉಪಸ್ಥಿತರಿದ್ದರು.
ಬಿಜೆಪಿ ಜಿಲ್ಲಾ ಉಪಾಧ್ಯಕ್ಷರು ಮಾತನಾಡಿ, ಮುಂಬರುವ ಚುನಾವಣೆಗೆ ಪಕ್ಷ ಸಂಪೂರ್ಣ ಸಿದ್ಧವಾಗಿದೆ. ಪ್ರತಿಯೊಂದು ಬೂತ್ ಸಮಿತಿಯನ್ನು ಬಲಪಡಿಸಲಾಗುವುದು. ಪಕ್ಷದ ಸದಸ್ಯತ್ವ ಅಭಿಯಾನ ಚುರುಕುಗೊಳಿಸಲಾಗುವುದು. ಕಾರ್ಯಕರ್ತರೇ ಪಕ್ಷದ ಶಕ್ತಿ ಎಂದು ಹೇಳಿದರು. ಸಭೆಯಲ್ಲಿ ವಿವಿಧ ಮೋರ್ಚಾಗಳ ಪದಾಧಿಕಾರಿಗಳು ಪಾಲ್ಗೊಂಡಿದ್ದರು.
